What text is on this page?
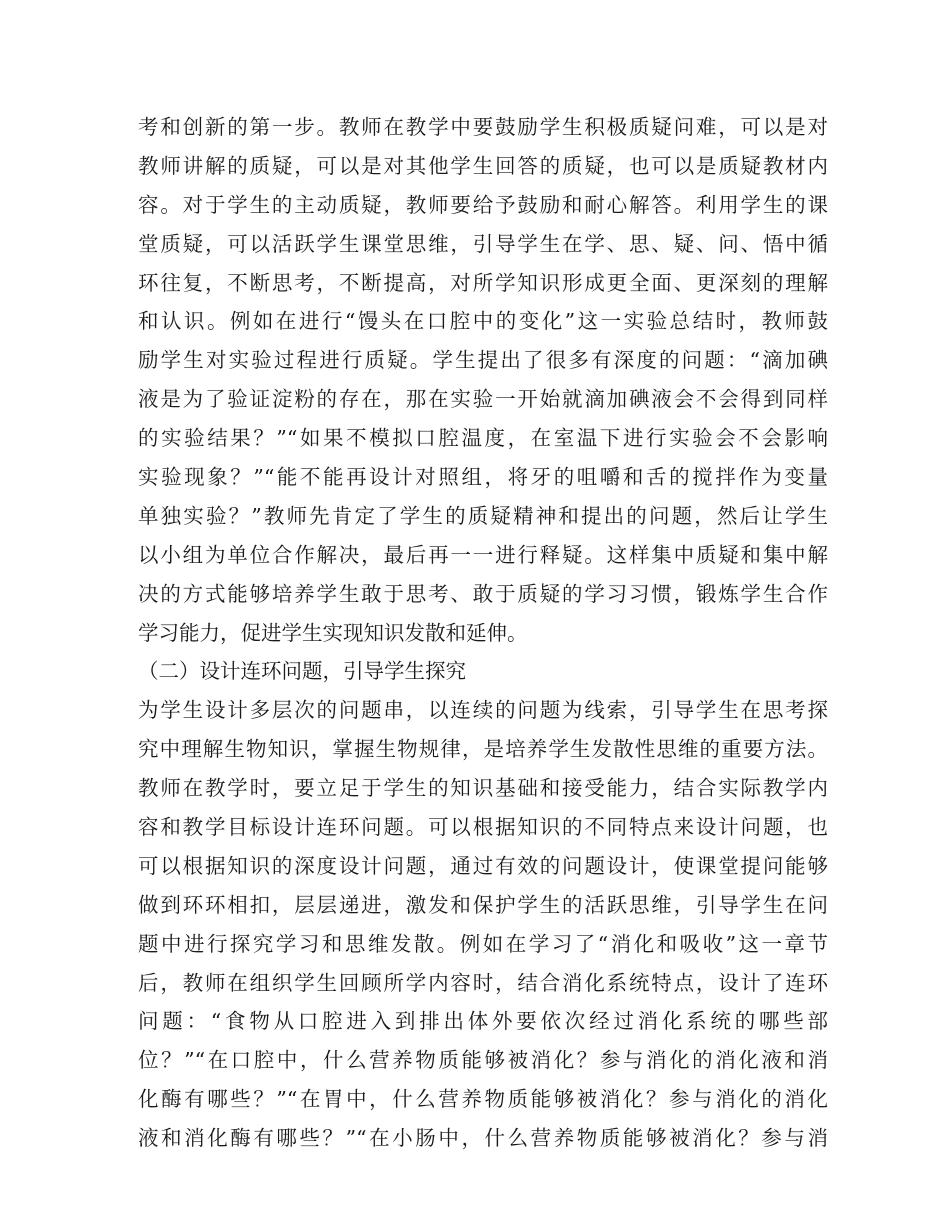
考和创新的第一步。教师在教学中要鼓励学生积极质疑问难，可以是对
教师讲解的质疑，可以是对其他学生回答的质疑，也可以是质疑教材内
容。对于学生的主动质疑，教师要给予鼓励和耐心解答。利用学生的课
堂质疑，可以活跃学生课堂思维，引导学生在学、思、疑、问、悟中循
环往复，不断思考，不断提高，对所学知识形成更全面、更深刻的理解
和认识。例如在进行“馒头在口腔中的变化”这一实验总结时，教师鼓
励学生对实验过程进行质疑。学生提出了很多有深度的问题：“滴加碘
液是为了验证淀粉的存在，那在实验一开始就滴加碘液会不会得到同样
的实验结果？”“如果不模拟口腔温度，在室温下进行实验会不会影响
实验现象？”“能不能再设计对照组，将牙的咀嚼和舌的搅拌作为变量
单独实验？”教师先肯定了学生的质疑精神和提出的问题，然后让学生
以小组为单位合作解决，最后再一一进行释疑。这样集中质疑和集中解
决的方式能够培养学生敢于思考、敢于质疑的学习习惯，锻炼学生合作
学习能力，促进学生实现知识发散和延伸。
（二）设计连环问题，引导学生探究
为学生设计多层次的问题串，以连续的问题为线索，引导学生在思考探
究中理解生物知识，掌握生物规律，是培养学生发散性思维的重要方法。
教师在教学时，要立足于学生的知识基础和接受能力，结合实际教学内
容和教学目标设计连环问题。可以根据知识的不同特点来设计问题，也
可以根据知识的深度设计问题，通过有效的问题设计，使课堂提问能够
做到环环相扣，层层递进，激发和保护学生的活跃思维，引导学生在问
题中进行探究学习和思维发散。例如在学习了“消化和吸收”这一章节
后，教师在组织学生回顾所学内容时，结合消化系统特点，设计了连环
问题：“食物从口腔进入到排出体外要依次经过消化系统的哪些部
位？”“在口腔中，什么营养物质能够被消化？参与消化的消化液和消
化酶有哪些？”“在胃中，什么营养物质能够被消化？参与消化的消化
液和消化酶有哪些？”“在小肠中，什么营养物质能够被消化？参与消
